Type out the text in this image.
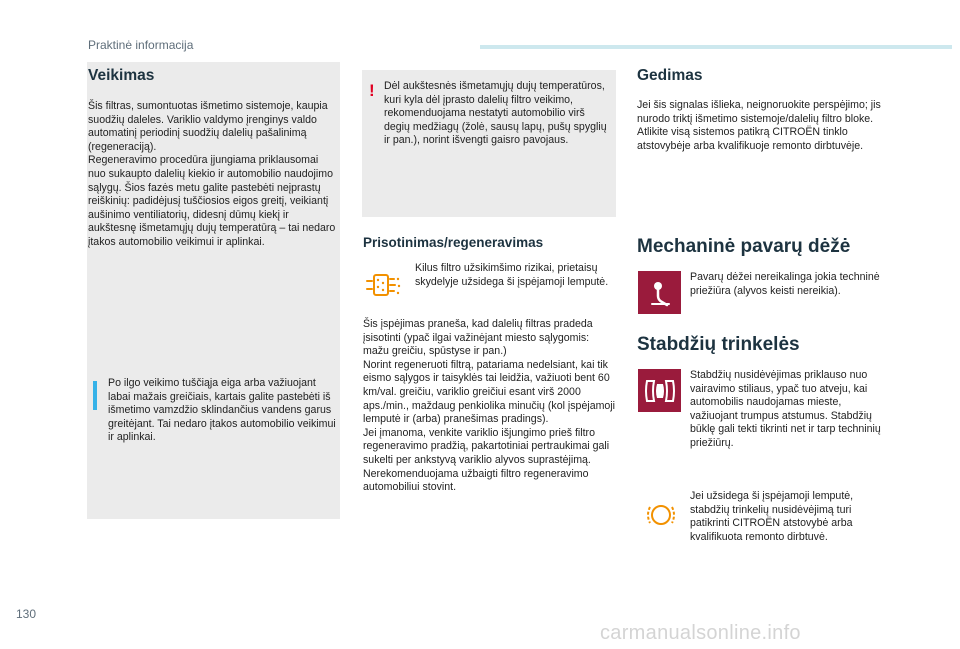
Praktinė informacija
Veikimas

Šis filtras, sumontuotas išmetimo sistemoje, kaupia suodžių daleles. Variklio valdymo įrenginys valdo automatinį periodinį suodžių dalelių pašalinimą (regeneraciją).
Regeneravimo procedūra įjungiama priklausomai nuo sukaupto dalelių kiekio ir automobilio naudojimo sąlygų. Šios fazės metu galite pastebėti neįprastų reiškinių: padidėjusį tuščiosios eigos greitį, veikiantį aušinimo ventiliatorių, didesnį dūmų kiekį ir aukštesnę išmetamųjų dujų temperatūrą – tai nedaro įtakos automobilio veikimui ir aplinkai.

Po ilgo veikimo tuščiąja eiga arba važiuojant labai mažais greičiais, kartais galite pastebėti iš išmetimo vamzdžio sklindančius vandens garus greitėjant. Tai nedaro įtakos automobilio veikimui ir aplinkai.

! Dėl aukštesnės išmetamųjų dujų temperatūros, kuri kyla dėl įprasto dalelių filtro veikimo, rekomenduojama nestatyti automobilio virš degių medžiagų (žolė, sausų lapų, pušų spyglių ir pan.), norint išvengti gaisro pavojaus.

Prisotinimas/regeneravimas

Kilus filtro užsikimšimo rizikai, prietaisų skydelyje užsidega ši įspėjamoji lemputė.

Šis įspėjimas praneša, kad dalelių filtras pradeda įsisotinti (ypač ilgai važinėjant miesto sąlygomis: mažu greičiu, spūstyse ir pan.)
Norint regeneruoti filtrą, patariama nedelsiant, kai tik eismo sąlygos ir taisyklės tai leidžia, važiuoti bent 60 km/val. greičiu, variklio greičiui esant virš 2000 aps./min., maždaug penkiolika minučių (kol įspėjamoji lemputė ir (arba) pranešimas pradings).
Jei įmanoma, venkite variklio išjungimo prieš filtro regeneravimo pradžią, pakartotiniai pertraukimai gali sukelti per ankstyvą variklio alyvos suprastėjimą. Nerekomenduojama užbaigti filtro regeneravimo automobiliui stovint.

Gedimas

Jei šis signalas išlieka, neignoruokite perspėjimo; jis nurodo triktį išmetimo sistemoje/dalelių filtro bloke.
Atlikite visą sistemos patikrą CITROËN tinklo atstovybėje arba kvalifikuoje remonto dirbtuvėje.

Mechaninė pavarų dėžė

Pavarų dėžei nereikalinga jokia techninė priežiūra (alyvos keisti nereikia).

Stabdžių trinkelės

Stabdžių nusidėvėjimas priklauso nuo vairavimo stiliaus, ypač tuo atveju, kai automobilis naudojamas mieste, važiuojant trumpus atstumus. Stabdžių būklę gali tekti tikrinti net ir tarp techninių priežiūrų.

Jei užsidega ši įspėjamoji lemputė, stabdžių trinkelių nusidėvėjimą turi patikrinti CITROËN atstovybė arba kvalifikuota remonto dirbtuvė.

130
carmanualsonline.info
